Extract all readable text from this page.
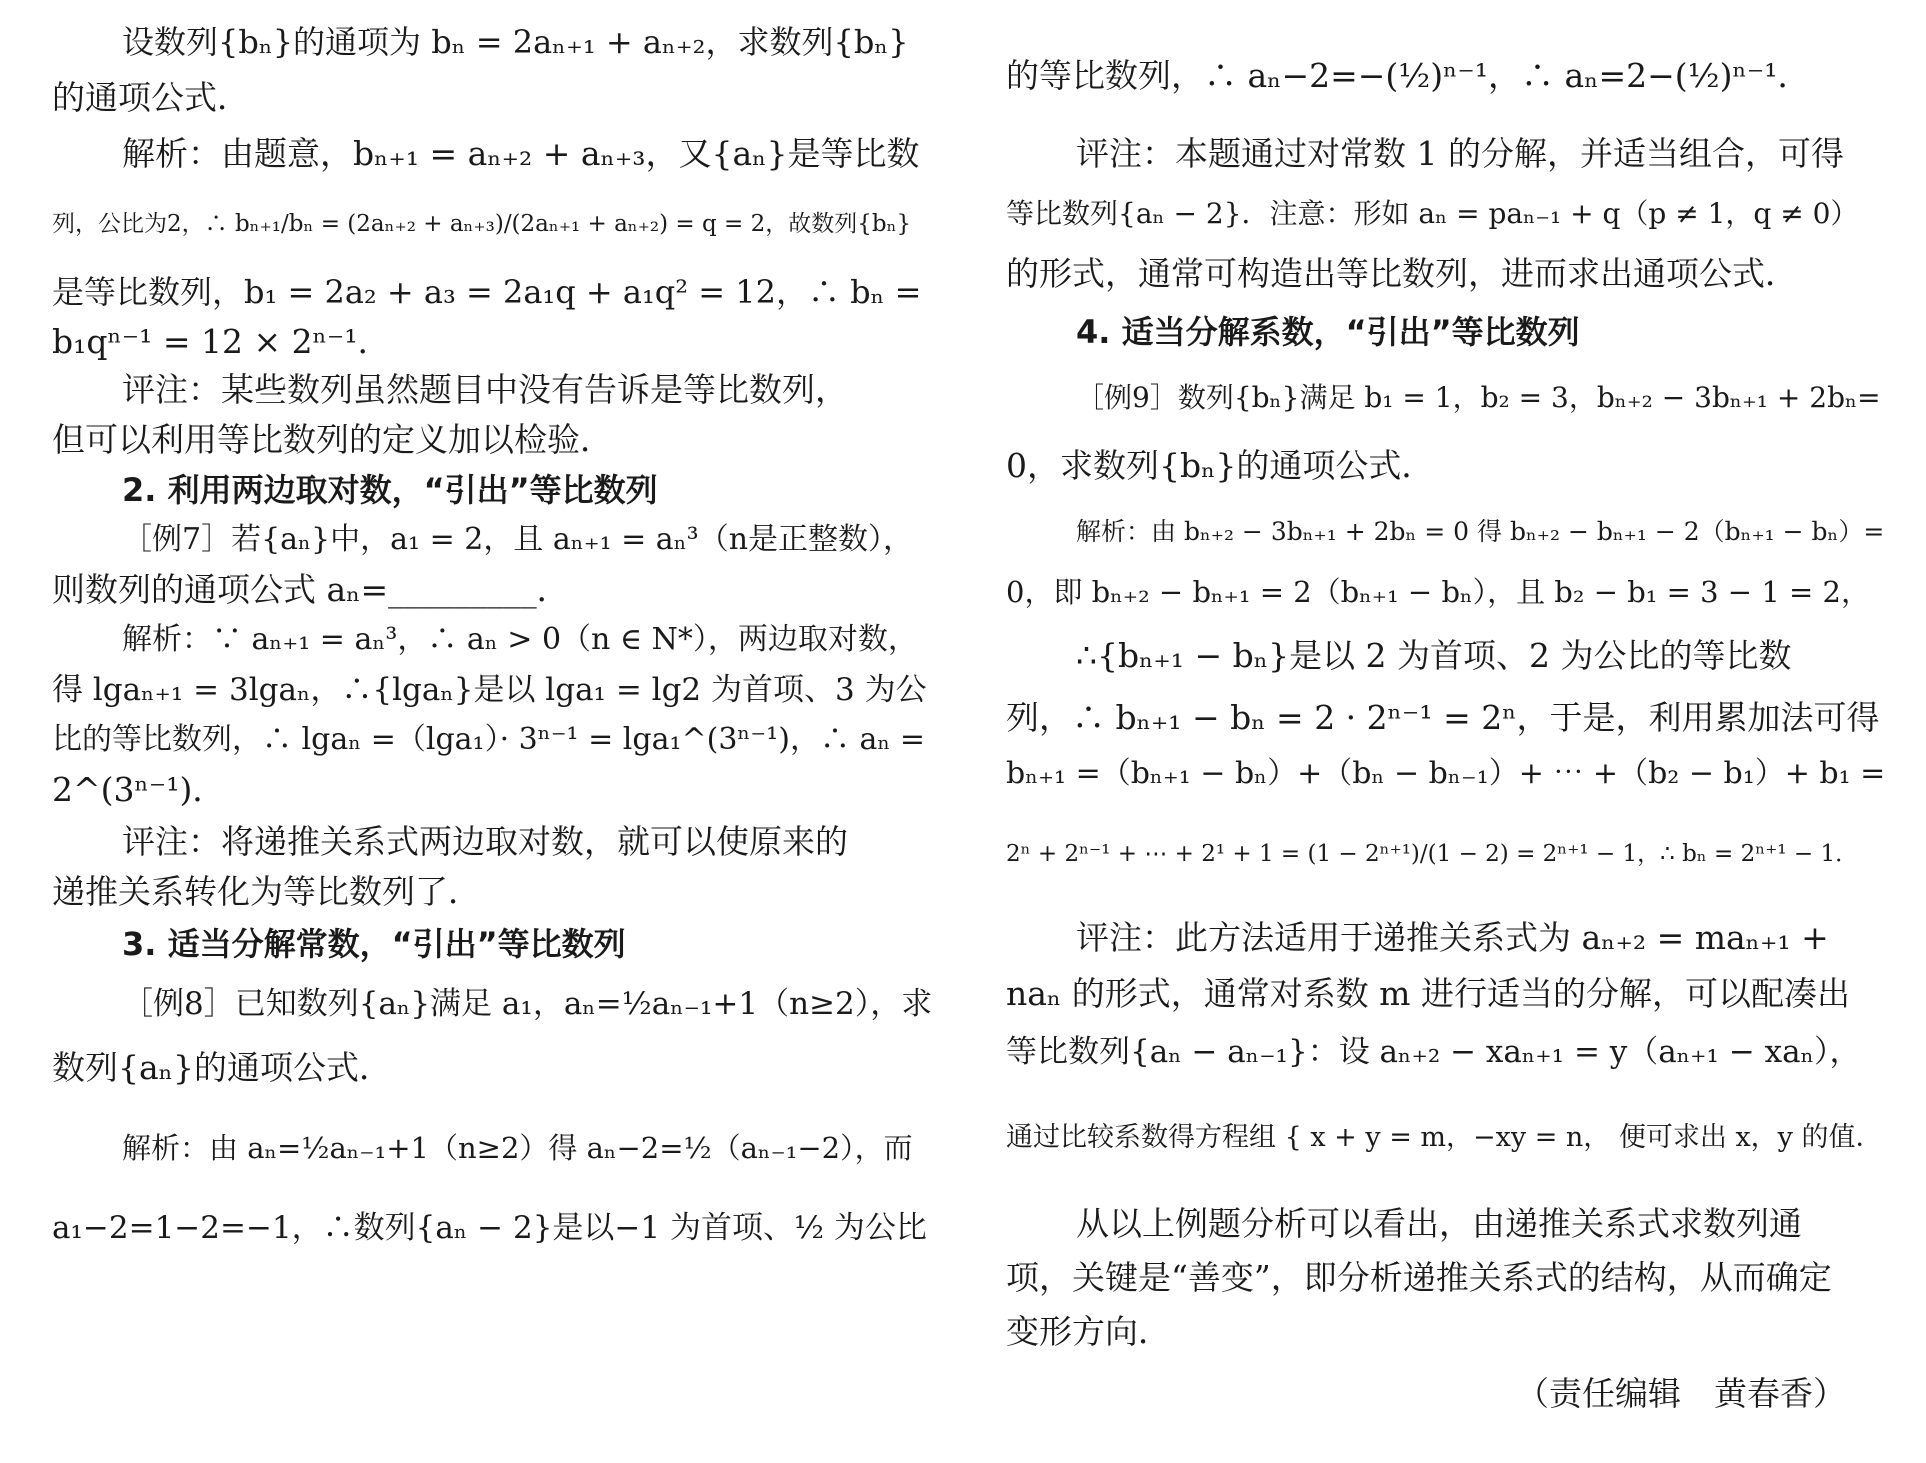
设数列{bₙ}的通项为 bₙ = 2aₙ₊₁ + aₙ₊₂，求数列{bₙ}
的通项公式．
解析：由题意，bₙ₊₁ = aₙ₊₂ + aₙ₊₃，又{aₙ}是等比数
列，公比为2，∴ bₙ₊₁/bₙ = (2aₙ₊₂ + aₙ₊₃)/(2aₙ₊₁ + aₙ₊₂) = q = 2，故数列{bₙ}
是等比数列，b₁ = 2a₂ + a₃ = 2a₁q + a₁q² = 12，∴ bₙ =
b₁qⁿ⁻¹ = 12 × 2ⁿ⁻¹．
评注：某些数列虽然题目中没有告诉是等比数列，
但可以利用等比数列的定义加以检验．
2. 利用两边取对数，“引出”等比数列
［例7］若{aₙ}中，a₁ = 2，且 aₙ₊₁ = aₙ³（n是正整数），
则数列的通项公式 aₙ=_________．
解析：∵ aₙ₊₁ = aₙ³，∴ aₙ > 0（n ∈ N*），两边取对数，
得 lgaₙ₊₁ = 3lgaₙ，∴{lgaₙ}是以 lga₁ = lg2 为首项、3 为公
比的等比数列，∴ lgaₙ =（lga₁）· 3ⁿ⁻¹ = lga₁^(3ⁿ⁻¹)，∴ aₙ =
2^(3ⁿ⁻¹)．
评注：将递推关系式两边取对数，就可以使原来的
递推关系转化为等比数列了．
3. 适当分解常数，“引出”等比数列
［例8］已知数列{aₙ}满足 a₁，aₙ=½aₙ₋₁+1（n≥2），求
数列{aₙ}的通项公式．
解析：由 aₙ=½aₙ₋₁+1（n≥2）得 aₙ−2=½（aₙ₋₁−2），而
a₁−2=1−2=−1，∴数列{aₙ − 2}是以−1 为首项、½ 为公比
的等比数列，∴ aₙ−2=−(½)ⁿ⁻¹，∴ aₙ=2−(½)ⁿ⁻¹．
评注：本题通过对常数 1 的分解，并适当组合，可得
等比数列{aₙ − 2}．注意：形如 aₙ = paₙ₋₁ + q（p ≠ 1，q ≠ 0）
的形式，通常可构造出等比数列，进而求出通项公式．
4. 适当分解系数，“引出”等比数列
［例9］数列{bₙ}满足 b₁ = 1，b₂ = 3，bₙ₊₂ − 3bₙ₊₁ + 2bₙ=
0，求数列{bₙ}的通项公式．
解析：由 bₙ₊₂ − 3bₙ₊₁ + 2bₙ = 0 得 bₙ₊₂ − bₙ₊₁ − 2（bₙ₊₁ − bₙ）=
0，即 bₙ₊₂ − bₙ₊₁ = 2（bₙ₊₁ − bₙ），且 b₂ − b₁ = 3 − 1 = 2，
∴{bₙ₊₁ − bₙ}是以 2 为首项、2 为公比的等比数
列，∴ bₙ₊₁ − bₙ = 2 · 2ⁿ⁻¹ = 2ⁿ，于是，利用累加法可得
bₙ₊₁ =（bₙ₊₁ − bₙ）+（bₙ − bₙ₋₁）+ ⋯ +（b₂ − b₁）+ b₁ =
2ⁿ + 2ⁿ⁻¹ + ⋯ + 2¹ + 1 = (1 − 2ⁿ⁺¹)/(1 − 2) = 2ⁿ⁺¹ − 1，∴ bₙ = 2ⁿ⁺¹ − 1．
评注：此方法适用于递推关系式为 aₙ₊₂ = maₙ₊₁ +
naₙ 的形式，通常对系数 m 进行适当的分解，可以配凑出
等比数列{aₙ − aₙ₋₁}：设 aₙ₊₂ − xaₙ₊₁ = y（aₙ₊₁ − xaₙ），
通过比较系数得方程组 { x + y = m，−xy = n， 便可求出 x，y 的值．
从以上例题分析可以看出，由递推关系式求数列通
项，关键是“善变”，即分析递推关系式的结构，从而确定
变形方向．
（责任编辑　黄春香）
